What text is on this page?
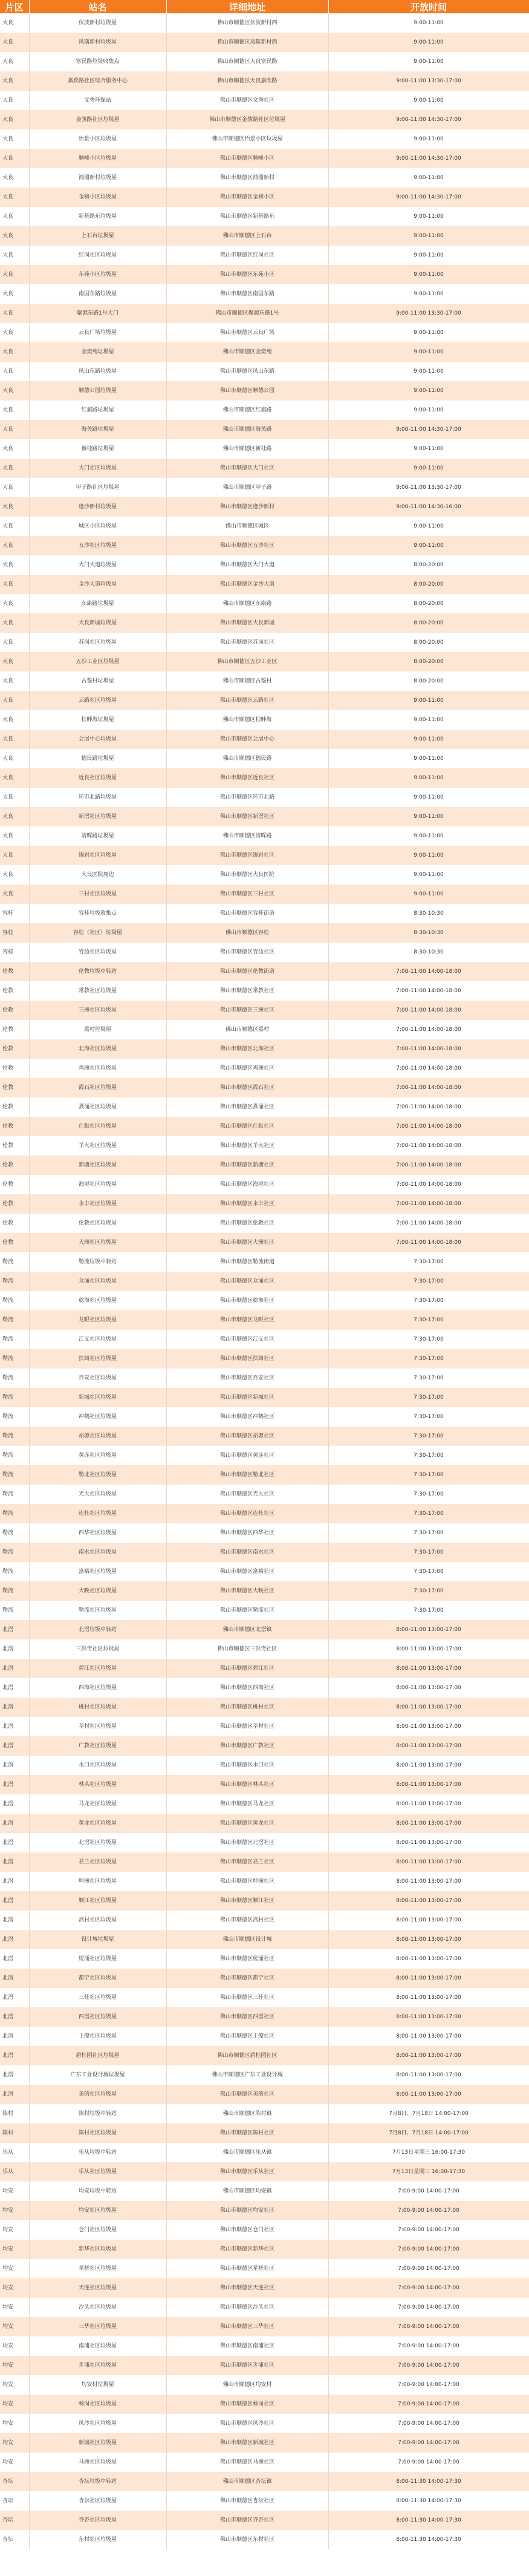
片区	站名	详细地址	开放时间
大良	伏波新村垃圾屋	佛山市顺德区伏波新村西	9:00-11:00
大良	凤斯新村垃圾屋	佛山市顺德区凤斯新村西	9:00-11:00
大良	富民路垃圾收集点	佛山市顺德区大良富民路	9:00-11:00
大良	嘉欣路社区综合服务中心	佛山市顺德区大良嘉欣路	9:00-11:00 13:30-17:00
大良	文秀环保站	佛山市顺德区文秀社区	9:00-11:00
大良	金骏路社区垃圾屋	佛山市顺德区金骏路社区垃圾屋	9:00-11:00 14:30-17:00
大良	怡景小区垃圾屋	佛山市顺德区怡景小区垃圾屋	9:00-11:00
大良	顺峰小区垃圾屋	佛山市顺德区顺峰小区	9:00-11:00 14:30-17:00
大良	鸿图新村垃圾屋	佛山市顺德区鸿图新村	9:00-11:00
大良	金榜小区垃圾屋	佛山市顺德区金榜小区	9:00-11:00 14:30-17:00
大良	新基路东垃圾屋	佛山市顺德区新基路东	9:00-11:00
大良	上石台垃圾屋	佛山市顺德区上石台	9:00-11:00
大良	红岗社区垃圾屋	佛山市顺德区红岗社区	9:00-11:00
大良	东苑小区垃圾屋	佛山市顺德区东苑小区	9:00-11:00
大良	南国东路垃圾屋	佛山市顺德区南国东路	9:00-11:00
大良	聚源东路1号大门	佛山市顺德区聚源东路1号	9:00-11:00 13:30-17:00
大良	云良广场垃圾屋	佛山市顺德区云良广场	9:00-11:00
大良	金奕苑垃圾屋	佛山市顺德区金奕苑	9:00-11:00
大良	凤山东路垃圾屋	佛山市顺德区凤山东路	9:00-11:00
大良	顺德公园垃圾屋	佛山市顺德区顺德公园	9:00-11:00
大良	红旗路垃圾屋	佛山市顺德区红旗路	9:00-11:00
大良	海关路垃圾屋	佛山市顺德区海关路	9:00-11:00 14:30-17:00
大良	新桂路垃圾屋	佛山市顺德区新桂路	9:00-11:00
大良	大门社区垃圾屋	佛山市顺德区大门社区	9:00-11:00
大良	甲子路社区垃圾屋	佛山市顺德区甲子路	9:00-11:00 13:30-17:00
大良	逢沙新村垃圾屋	佛山市顺德区逢沙新村	9:00-11:00 14:30-16:00
大良	城区小区垃圾屋	佛山市顺德区城区	9:00-11:00
大良	五沙社区垃圾屋	佛山市顺德区五沙社区	9:00-11:00
大良	大门大道垃圾屋	佛山市顺德区大门大道	8:00-20:00
大良	金沙大道垃圾屋	佛山市顺德区金沙大道	8:00-20:00
大良	东康路垃圾屋	佛山市顺德区东康路	8:00-20:00
大良	大良新城垃圾屋	佛山市顺德区大良新城	8:00-20:00
大良	苏岗社区垃圾屋	佛山市顺德区苏岗社区	8:00-20:00
大良	五沙工业区垃圾屋	佛山市顺德区五沙工业区	8:00-20:00
大良	古鉴村垃圾屋	佛山市顺德区古鉴村	8:00-20:00
大良	云路社区垃圾屋	佛山市顺德区云路社区	9:00-11:00
大良	桂畔海垃圾屋	佛山市顺德区桂畔海	9:00-11:00
大良	会展中心垃圾屋	佛山市顺德区会展中心	9:00-11:00
大良	德民路垃圾屋	佛山市顺德区德民路	9:00-11:00
大良	近良社区垃圾屋	佛山市顺德区近良社区	9:00-11:00
大良	环市北路垃圾屋	佛山市顺德区环市北路	9:00-11:00
大良	新滘社区垃圾屋	佛山市顺德区新滘社区	9:00-11:00
大良	清晖路垃圾屋	佛山市顺德区清晖路	9:00-11:00
大良	锦岩社区垃圾屋	佛山市顺德区锦岩社区	9:00-11:00
大良	大良医院周边	佛山市顺德区大良医院	9:00-11:00
大良	三村社区垃圾屋	佛山市顺德区三村社区	9:00-11:00
容桂	容桂垃圾收集点	佛山市顺德区容桂街道	8:30-10:30
容桂	容桂（社区）垃圾屋	佛山市顺德区容桂	8:30-10:30
容桂	容边社区垃圾屋	佛山市顺德区容边社区	8:30-10:30
伦教	伦教垃圾中转站	佛山市顺德区伦教街道	7:00-11:00 14:00-18:00
伦教	常教社区垃圾屋	佛山市顺德区常教社区	7:00-11:00 14:00-18:00
伦教	三洲社区垃圾屋	佛山市顺德区三洲社区	7:00-11:00 14:00-18:00
伦教	荔村垃圾屋	佛山市顺德区荔村	7:00-11:00 14:00-18:00
伦教	北海社区垃圾屋	佛山市顺德区北海社区	7:00-11:00 14:00-18:00
伦教	鸡洲社区垃圾屋	佛山市顺德区鸡洲社区	7:00-11:00 14:00-18:00
伦教	霞石社区垃圾屋	佛山市顺德区霞石社区	7:00-11:00 14:00-18:00
伦教	熹涌社区垃圾屋	佛山市顺德区熹涌社区	7:00-11:00 14:00-18:00
伦教	仕版社区垃圾屋	佛山市顺德区仕版社区	7:00-11:00 14:00-18:00
伦教	羊大社区垃圾屋	佛山市顺德区羊大社区	7:00-11:00 14:00-18:00
伦教	新塘社区垃圾屋	佛山市顺德区新塘社区	7:00-11:00 14:00-18:00
伦教	海尾社区垃圾屋	佛山市顺德区海尾社区	7:00-11:00 14:00-18:00
伦教	永丰社区垃圾屋	佛山市顺德区永丰社区	7:00-11:00 14:00-18:00
伦教	伦教社区垃圾屋	佛山市顺德区伦教社区	7:00-11:00 14:00-18:00
伦教	大洲社区垃圾屋	佛山市顺德区大洲社区	7:00-11:00 14:00-18:00
勒流	勒流垃圾中转站	佛山市顺德区勒流街道	7:30-17:00
勒流	众涌社区垃圾屋	佛山市顺德区众涌社区	7:30-17:00
勒流	稔海社区垃圾屋	佛山市顺德区稔海社区	7:30-17:00
勒流	龙眼社区垃圾屋	佛山市顺德区龙眼社区	7:30-17:00
勒流	江义社区垃圾屋	佛山市顺德区江义社区	7:30-17:00
勒流	扶闾社区垃圾屋	佛山市顺德区扶闾社区	7:30-17:00
勒流	百安社区垃圾屋	佛山市顺德区百安社区	7:30-17:00
勒流	新城社区垃圾屋	佛山市顺德区新城社区	7:30-17:00
勒流	冲鹤社区垃圾屋	佛山市顺德区冲鹤社区	7:30-17:00
勒流	裕源社区垃圾屋	佛山市顺德区裕源社区	7:30-17:00
勒流	黄连社区垃圾屋	佛山市顺德区黄连社区	7:30-17:00
勒流	勒北社区垃圾屋	佛山市顺德区勒北社区	7:30-17:00
勒流	光大社区垃圾屋	佛山市顺德区光大社区	7:30-17:00
勒流	连杜社区垃圾屋	佛山市顺德区连杜社区	7:30-17:00
勒流	西华社区垃圾屋	佛山市顺德区西华社区	7:30-17:00
勒流	南水社区垃圾屋	佛山市顺德区南水社区	7:30-17:00
勒流	富裕社区垃圾屋	佛山市顺德区富裕社区	7:30-17:00
勒流	大晚社区垃圾屋	佛山市顺德区大晚社区	7:30-17:00
勒流	勒流社区垃圾屋	佛山市顺德区勒流社区	7:30-17:00
北滘	北滘垃圾中转站	佛山市顺德区北滘镇	8:00-11:00 13:00-17:00
北滘	三洪奇社区垃圾屋	佛山市顺德区三洪奇社区	8:00-11:00 13:00-17:00
北滘	碧江社区垃圾屋	佛山市顺德区碧江社区	8:00-11:00 13:00-17:00
北滘	西海社区垃圾屋	佛山市顺德区西海社区	8:00-11:00 13:00-17:00
北滘	桃村社区垃圾屋	佛山市顺德区桃村社区	8:00-11:00 13:00-17:00
北滘	莘村社区垃圾屋	佛山市顺德区莘村社区	8:00-11:00 13:00-17:00
北滘	广教社区垃圾屋	佛山市顺德区广教社区	8:00-11:00 13:00-17:00
北滘	水口社区垃圾屋	佛山市顺德区水口社区	8:00-11:00 13:00-17:00
北滘	林头社区垃圾屋	佛山市顺德区林头社区	8:00-11:00 13:00-17:00
北滘	马龙社区垃圾屋	佛山市顺德区马龙社区	8:00-11:00 13:00-17:00
北滘	黄龙社区垃圾屋	佛山市顺德区黄龙社区	8:00-11:00 13:00-17:00
北滘	北滘社区垃圾屋	佛山市顺德区北滘社区	8:00-11:00 13:00-17:00
北滘	君兰社区垃圾屋	佛山市顺德区君兰社区	8:00-11:00 13:00-17:00
北滘	坤洲社区垃圾屋	佛山市顺德区坤洲社区	8:00-11:00 13:00-17:00
北滘	顺江社区垃圾屋	佛山市顺德区顺江社区	8:00-11:00 13:00-17:00
北滘	高村社区垃圾屋	佛山市顺德区高村社区	8:00-11:00 13:00-17:00
北滘	设计城垃圾屋	佛山市顺德区设计城	8:00-11:00 13:00-17:00
北滘	槎涌社区垃圾屋	佛山市顺德区槎涌社区	8:00-11:00 13:00-17:00
北滘	都宁社区垃圾屋	佛山市顺德区都宁社区	8:00-11:00 13:00-17:00
北滘	三桂社区垃圾屋	佛山市顺德区三桂社区	8:00-11:00 13:00-17:00
北滘	西滘社区垃圾屋	佛山市顺德区西滘社区	8:00-11:00 13:00-17:00
北滘	上僚社区垃圾屋	佛山市顺德区上僚社区	8:00-11:00 13:00-17:00
北滘	碧桂园社区垃圾屋	佛山市顺德区碧桂园社区	8:00-11:00 13:00-17:00
北滘	广东工业设计城垃圾屋	佛山市顺德区广东工业设计城	8:00-11:00 13:00-17:00
北滘	美的社区垃圾屋	佛山市顺德区美的社区	8:00-11:00 13:00-17:00
陈村	陈村垃圾中转站	佛山市顺德区陈村镇	7月8日、7月18日 14:00-17:00
陈村	陈村社区垃圾屋	佛山市顺德区陈村社区	7月8日、7月18日 14:00-17:00
乐从	乐从垃圾中转站	佛山市顺德区乐从镇	7月13日星期三 16:00-17:30
乐从	乐从社区垃圾屋	佛山市顺德区乐从社区	7月13日星期三 16:00-17:30
均安	均安垃圾中转站	佛山市顺德区均安镇	7:00-9:00 14:00-17:00
均安	均安社区垃圾屋	佛山市顺德区均安社区	7:00-9:00 14:00-17:00
均安	仓门社区垃圾屋	佛山市顺德区仓门社区	7:00-9:00 14:00-17:00
均安	新华社区垃圾屋	佛山市顺德区新华社区	7:00-9:00 14:00-17:00
均安	星槎社区垃圾屋	佛山市顺德区星槎社区	7:00-9:00 14:00-17:00
均安	天连社区垃圾屋	佛山市顺德区天连社区	7:00-9:00 14:00-17:00
均安	沙头社区垃圾屋	佛山市顺德区沙头社区	7:00-9:00 14:00-17:00
均安	三华社区垃圾屋	佛山市顺德区三华社区	7:00-9:00 14:00-17:00
均安	南浦社区垃圾屋	佛山市顺德区南浦社区	7:00-9:00 14:00-17:00
均安	豸浦社区垃圾屋	佛山市顺德区豸浦社区	7:00-9:00 14:00-17:00
均安	均安村垃圾屋	佛山市顺德区均安村	7:00-9:00 14:00-17:00
均安	畅岗社区垃圾屋	佛山市顺德区畅岗社区	7:00-9:00 14:00-17:00
均安	凤沙社区垃圾屋	佛山市顺德区凤沙社区	7:00-9:00 14:00-17:00
均安	新城社区垃圾屋	佛山市顺德区新城社区	7:00-9:00 14:00-17:00
均安	马洲社区垃圾屋	佛山市顺德区马洲社区	7:00-9:00 14:00-17:00
杏坛	杏坛垃圾中转站	佛山市顺德区杏坛镇	8:00-11:30 14:00-17:30
杏坛	杏坛社区垃圾屋	佛山市顺德区杏坛社区	8:00-11:30 14:00-17:30
杏坛	齐杏社区垃圾屋	佛山市顺德区齐杏社区	8:00-11:30 14:00-17:30
杏坛	东村社区垃圾屋	佛山市顺德区东村社区	8:00-11:30 14:00-17:30
